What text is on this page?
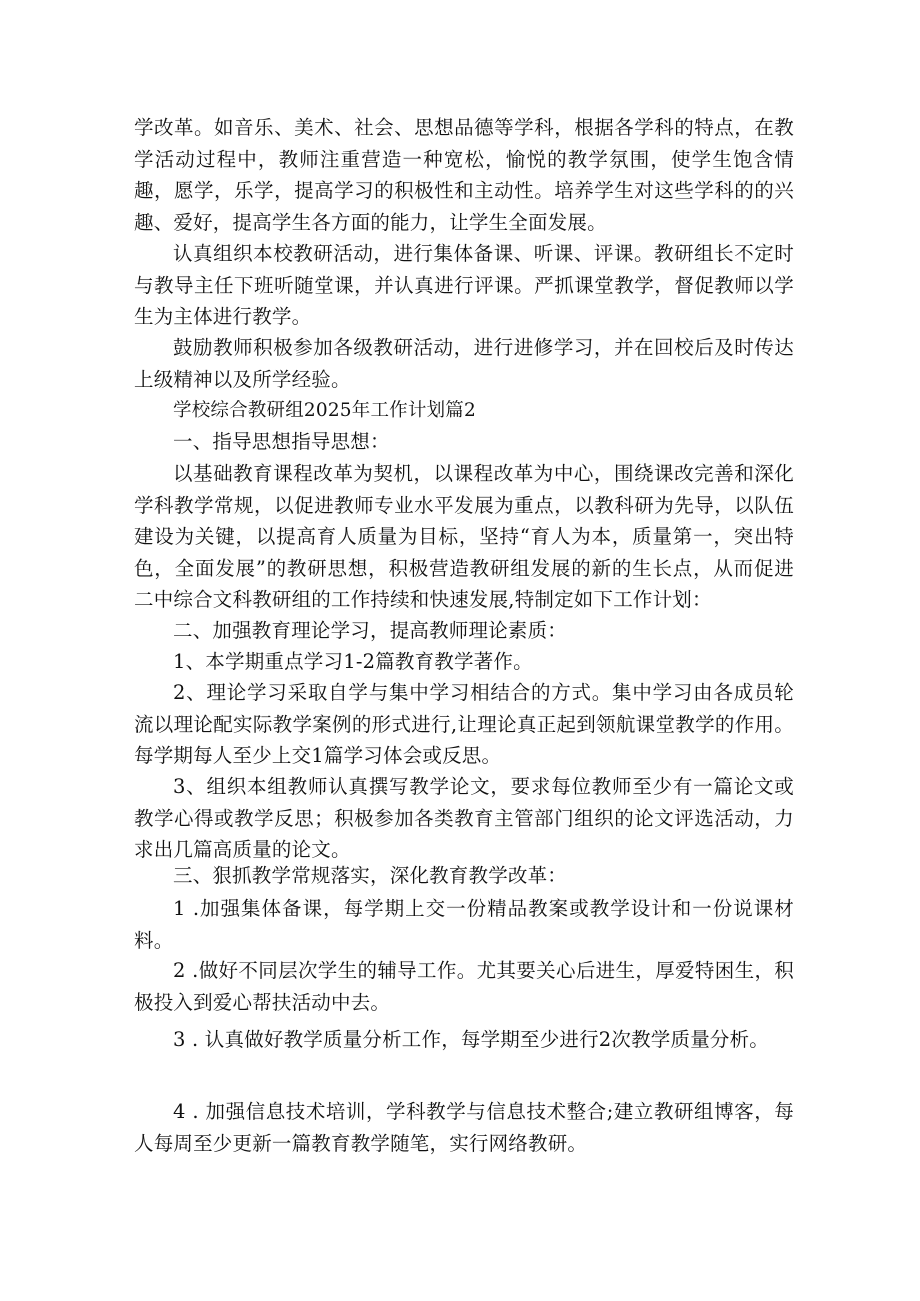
学改革。如音乐、美术、社会、思想品德等学科，根据各学科的特点，在教学活动过程中，教师注重营造一种宽松，愉悦的教学氛围，使学生饱含情趣，愿学，乐学，提高学习的积极性和主动性。培养学生对这些学科的的兴趣、爱好，提高学生各方面的能力，让学生全面发展。

认真组织本校教研活动，进行集体备课、听课、评课。教研组长不定时与教导主任下班听随堂课，并认真进行评课。严抓课堂教学，督促教师以学生为主体进行教学。

鼓励教师积极参加各级教研活动，进行进修学习，并在回校后及时传达上级精神以及所学经验。

学校综合教研组2025年工作计划篇2

一、指导思想指导思想：

以基础教育课程改革为契机，以课程改革为中心，围绕课改完善和深化学科教学常规，以促进教师专业水平发展为重点，以教科研为先导，以队伍建设为关键，以提高育人质量为目标，坚持“育人为本，质量第一，突出特色，全面发展”的教研思想，积极营造教研组发展的新的生长点，从而促进二中综合文科教研组的工作持续和快速发展,特制定如下工作计划：

二、加强教育理论学习，提高教师理论素质：

1、本学期重点学习1-2篇教育教学著作。

2、理论学习采取自学与集中学习相结合的方式。集中学习由各成员轮流以理论配实际教学案例的形式进行,让理论真正起到领航课堂教学的作用。每学期每人至少上交1篇学习体会或反思。

3、组织本组教师认真撰写教学论文，要求每位教师至少有一篇论文或教学心得或教学反思；积极参加各类教育主管部门组织的论文评选活动，力求出几篇高质量的论文。

三、狠抓教学常规落实，深化教育教学改革：

1 .加强集体备课，每学期上交一份精品教案或教学设计和一份说课材料。

2 .做好不同层次学生的辅导工作。尤其要关心后进生，厚爱特困生，积极投入到爱心帮扶活动中去。

3 . 认真做好教学质量分析工作，每学期至少进行2次教学质量分析。

4 . 加强信息技术培训，学科教学与信息技术整合;建立教研组博客，每人每周至少更新一篇教育教学随笔，实行网络教研。
